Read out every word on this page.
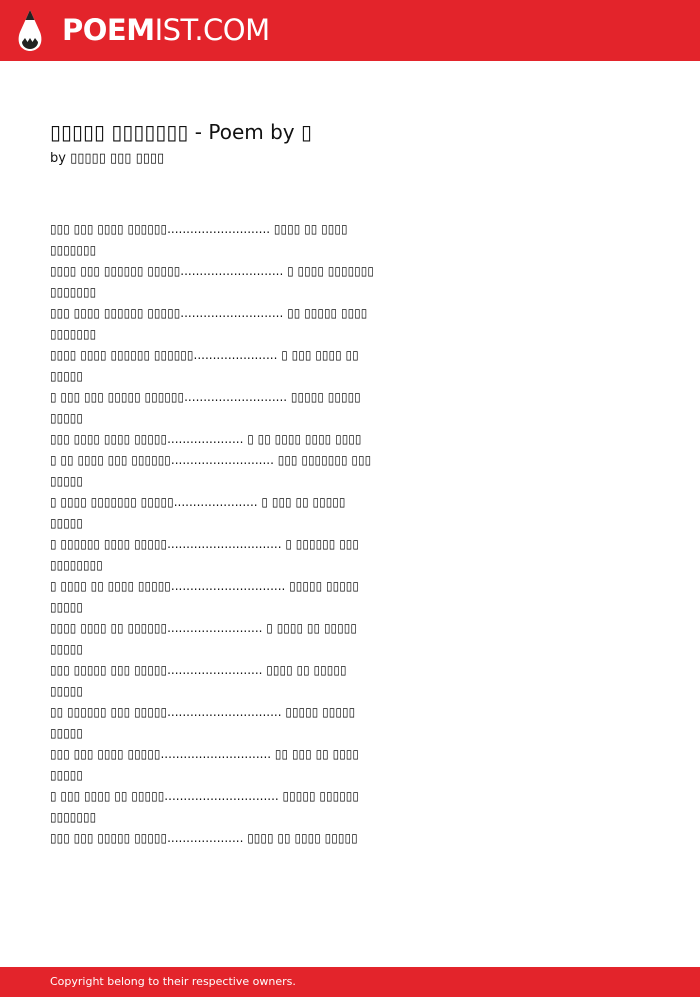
POEMIST.COM
▯▯▯▯▯ ▯▯▯▯▯▯▯ - Poem by ▯
by ▯▯▯▯▯ ▯▯▯ ▯▯▯▯
▯▯▯ ▯▯▯ ▯▯▯▯ ▯▯▯▯▯▯........................... ▯▯▯▯ ▯▯ ▯▯▯▯ ▯▯▯▯▯▯▯
▯▯▯▯ ▯▯▯ ▯▯▯▯▯▯ ▯▯▯▯▯........................... ▯ ▯▯▯▯ ▯▯▯▯▯▯▯ ▯▯▯▯▯▯▯
▯▯▯ ▯▯▯▯ ▯▯▯▯▯▯ ▯▯▯▯▯........................... ▯▯ ▯▯▯▯▯ ▯▯▯▯ ▯▯▯▯▯▯▯
▯▯▯▯ ▯▯▯▯ ▯▯▯▯▯▯ ▯▯▯▯▯▯...................... ▯ ▯▯▯ ▯▯▯▯ ▯▯ ▯▯▯▯▯
▯ ▯▯▯ ▯▯▯ ▯▯▯▯▯ ▯▯▯▯▯▯........................... ▯▯▯▯▯ ▯▯▯▯▯ ▯▯▯▯▯
▯▯▯ ▯▯▯▯ ▯▯▯▯ ▯▯▯▯▯.................... ▯ ▯▯ ▯▯▯▯ ▯▯▯▯ ▯▯▯▯
▯ ▯▯ ▯▯▯▯ ▯▯▯ ▯▯▯▯▯▯........................... ▯▯▯ ▯▯▯▯▯▯▯ ▯▯▯ ▯▯▯▯▯
▯ ▯▯▯▯ ▯▯▯▯▯▯▯ ▯▯▯▯▯...................... ▯ ▯▯▯ ▯▯ ▯▯▯▯▯ ▯▯▯▯▯
▯ ▯▯▯▯▯▯ ▯▯▯▯ ▯▯▯▯▯.............................. ▯ ▯▯▯▯▯▯ ▯▯▯ ▯▯▯▯▯▯▯▯
▯ ▯▯▯▯ ▯▯ ▯▯▯▯ ▯▯▯▯▯.............................. ▯▯▯▯▯ ▯▯▯▯▯ ▯▯▯▯▯
▯▯▯▯ ▯▯▯▯ ▯▯ ▯▯▯▯▯▯......................... ▯ ▯▯▯▯ ▯▯ ▯▯▯▯▯ ▯▯▯▯▯
▯▯▯ ▯▯▯▯▯ ▯▯▯ ▯▯▯▯▯......................... ▯▯▯▯ ▯▯ ▯▯▯▯▯ ▯▯▯▯▯
▯▯ ▯▯▯▯▯▯ ▯▯▯ ▯▯▯▯▯.............................. ▯▯▯▯▯ ▯▯▯▯▯ ▯▯▯▯▯
▯▯▯ ▯▯▯ ▯▯▯▯ ▯▯▯▯▯............................. ▯▯ ▯▯▯ ▯▯ ▯▯▯▯ ▯▯▯▯▯
▯ ▯▯▯ ▯▯▯▯ ▯▯ ▯▯▯▯▯.............................. ▯▯▯▯▯ ▯▯▯▯▯▯ ▯▯▯▯▯▯▯
▯▯▯ ▯▯▯ ▯▯▯▯▯ ▯▯▯▯▯.................... ▯▯▯▯ ▯▯ ▯▯▯▯ ▯▯▯▯▯
Copyright belong to their respective owners.
